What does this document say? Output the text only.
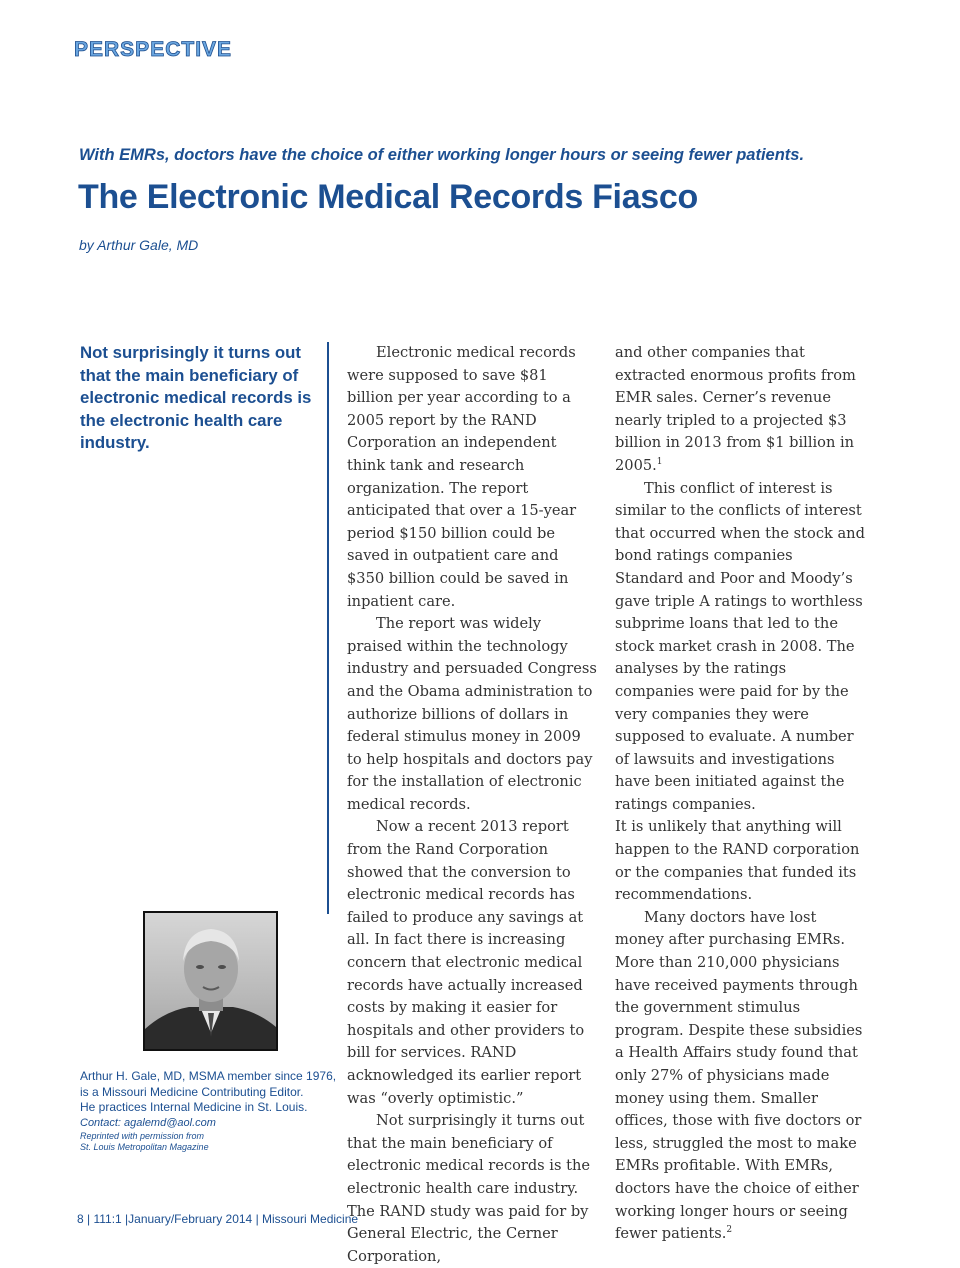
PERSPECTIVE
With EMRs, doctors have the choice of either working longer hours or seeing fewer patients.
The Electronic Medical Records Fiasco
by Arthur Gale, MD

Not surprisingly it turns out that the main beneficiary of electronic medical records is the electronic health care industry.

Arthur H. Gale, MD, MSMA member since 1976,
is a Missouri Medicine Contributing Editor.
He practices Internal Medicine in St. Louis.
Contact: agalemd@aol.com
Reprinted with permission from
St. Louis Metropolitan Magazine

Electronic medical records were supposed to save $81 billion per year according to a 2005 report by the RAND Corporation an independent think tank and research organization. The report anticipated that over a 15-year period $150 billion could be saved in outpatient care and $350 billion could be saved in inpatient care.

The report was widely praised within the technology industry and persuaded Congress and the Obama administration to authorize billions of dollars in federal stimulus money in 2009 to help hospitals and doctors pay for the installation of electronic medical records.

Now a recent 2013 report from the Rand Corporation showed that the conversion to electronic medical records has failed to produce any savings at all. In fact there is increasing concern that electronic medical records have actually increased costs by making it easier for hospitals and other providers to bill for services. RAND acknowledged its earlier report was “overly optimistic.”

Not surprisingly it turns out that the main beneficiary of electronic medical records is the electronic health care industry. The RAND study was paid for by General Electric, the Cerner Corporation,

and other companies that extracted enormous profits from EMR sales. Cerner’s revenue nearly tripled to a projected $3 billion in 2013 from $1 billion in 2005.$^1$

This conflict of interest is similar to the conflicts of interest that occurred when the stock and bond ratings companies Standard and Poor and Moody’s gave triple A ratings to worthless subprime loans that led to the stock market crash in 2008. The analyses by the ratings companies were paid for by the very companies they were supposed to evaluate. A number of lawsuits and investigations have been initiated against the ratings companies.

It is unlikely that anything will happen to the RAND corporation or the companies that funded its recommendations.

Many doctors have lost money after purchasing EMRs. More than 210,000 physicians have received payments through the government stimulus program. Despite these subsidies a Health Affairs study found that only 27% of physicians made money using them. Smaller offices, those with five doctors or less, struggled the most to make EMRs profitable. With EMRs, doctors have the choice of either working longer hours or seeing fewer patients.$^2$

8 | 111:1 |January/February 2014 | Missouri Medicine
